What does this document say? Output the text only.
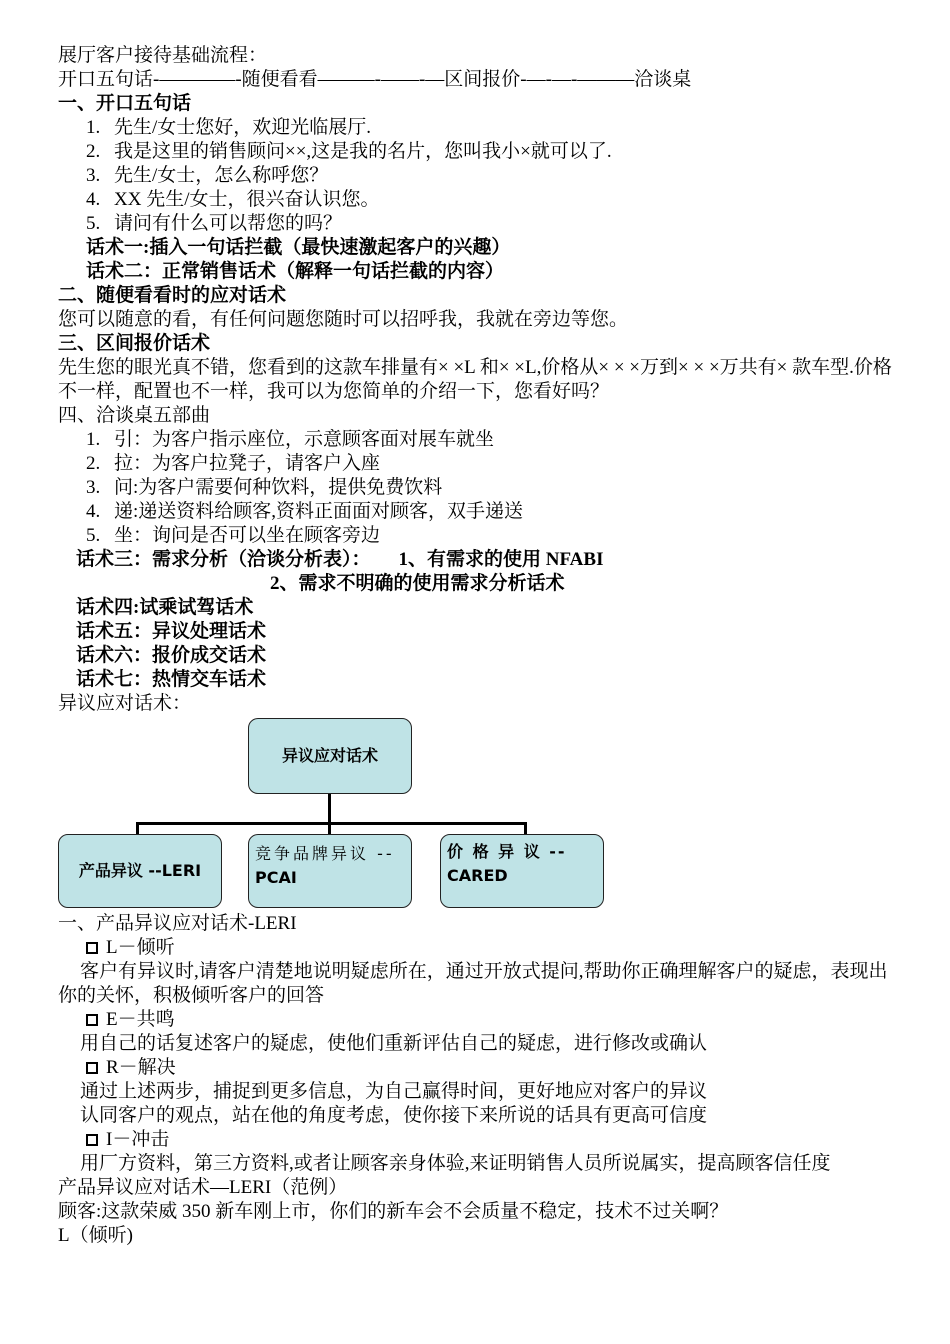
展厅客户接待基础流程：
开口五句话-————-随便看看———-——-—区间报价-—-—-———洽谈桌
一、开口五句话
1. 先生/女士您好，欢迎光临展厅.
2. 我是这里的销售顾问××,这是我的名片，您叫我小×就可以了.
3. 先生/女士，怎么称呼您？
4. XX 先生/女士，很兴奋认识您。
5. 请问有什么可以帮您的吗？
话术一:插入一句话拦截（最快速激起客户的兴趣）
话术二：正常销售话术（解释一句话拦截的内容）
二、随便看看时的应对话术
您可以随意的看，有任何问题您随时可以招呼我，我就在旁边等您。
三、区间报价话术
先生您的眼光真不错，您看到的这款车排量有× ×L 和× ×L,价格从× × ×万到× × ×万共有× 款车型.价格不一样，配置也不一样，我可以为您简单的介绍一下，您看好吗？
四、洽谈桌五部曲
1. 引：为客户指示座位，示意顾客面对展车就坐
2. 拉：为客户拉凳子，请客户入座
3. 问:为客户需要何种饮料，提供免费饮料
4. 递:递送资料给顾客,资料正面面对顾客，双手递送
5. 坐：询问是否可以坐在顾客旁边
话术三：需求分析（洽谈分析表）： 1、有需求的使用 NFABI
2、需求不明确的使用需求分析话术
话术四:试乘试驾话术
话术五：异议处理话术
话术六：报价成交话术
话术七：热情交车话术
异议应对话术：
异议应对话术
产品异议 --LERI
竞争品牌异议 --
PCAI
价 格 异 议 --
CARED
一、产品异议应对话术-LERI
L－倾听
客户有异议时,请客户清楚地说明疑虑所在，通过开放式提问,帮助你正确理解客户的疑虑，表现出你的关怀，积极倾听客户的回答
E－共鸣
用自己的话复述客户的疑虑，使他们重新评估自己的疑虑，进行修改或确认
R－解决
通过上述两步，捕捉到更多信息，为自己赢得时间，更好地应对客户的异议
认同客户的观点，站在他的角度考虑，使你接下来所说的话具有更高可信度
I－冲击
用厂方资料，第三方资料,或者让顾客亲身体验,来证明销售人员所说属实，提高顾客信任度
产品异议应对话术—LERI（范例）
顾客:这款荣威 350 新车刚上市，你们的新车会不会质量不稳定，技术不过关啊？
L（倾听)
